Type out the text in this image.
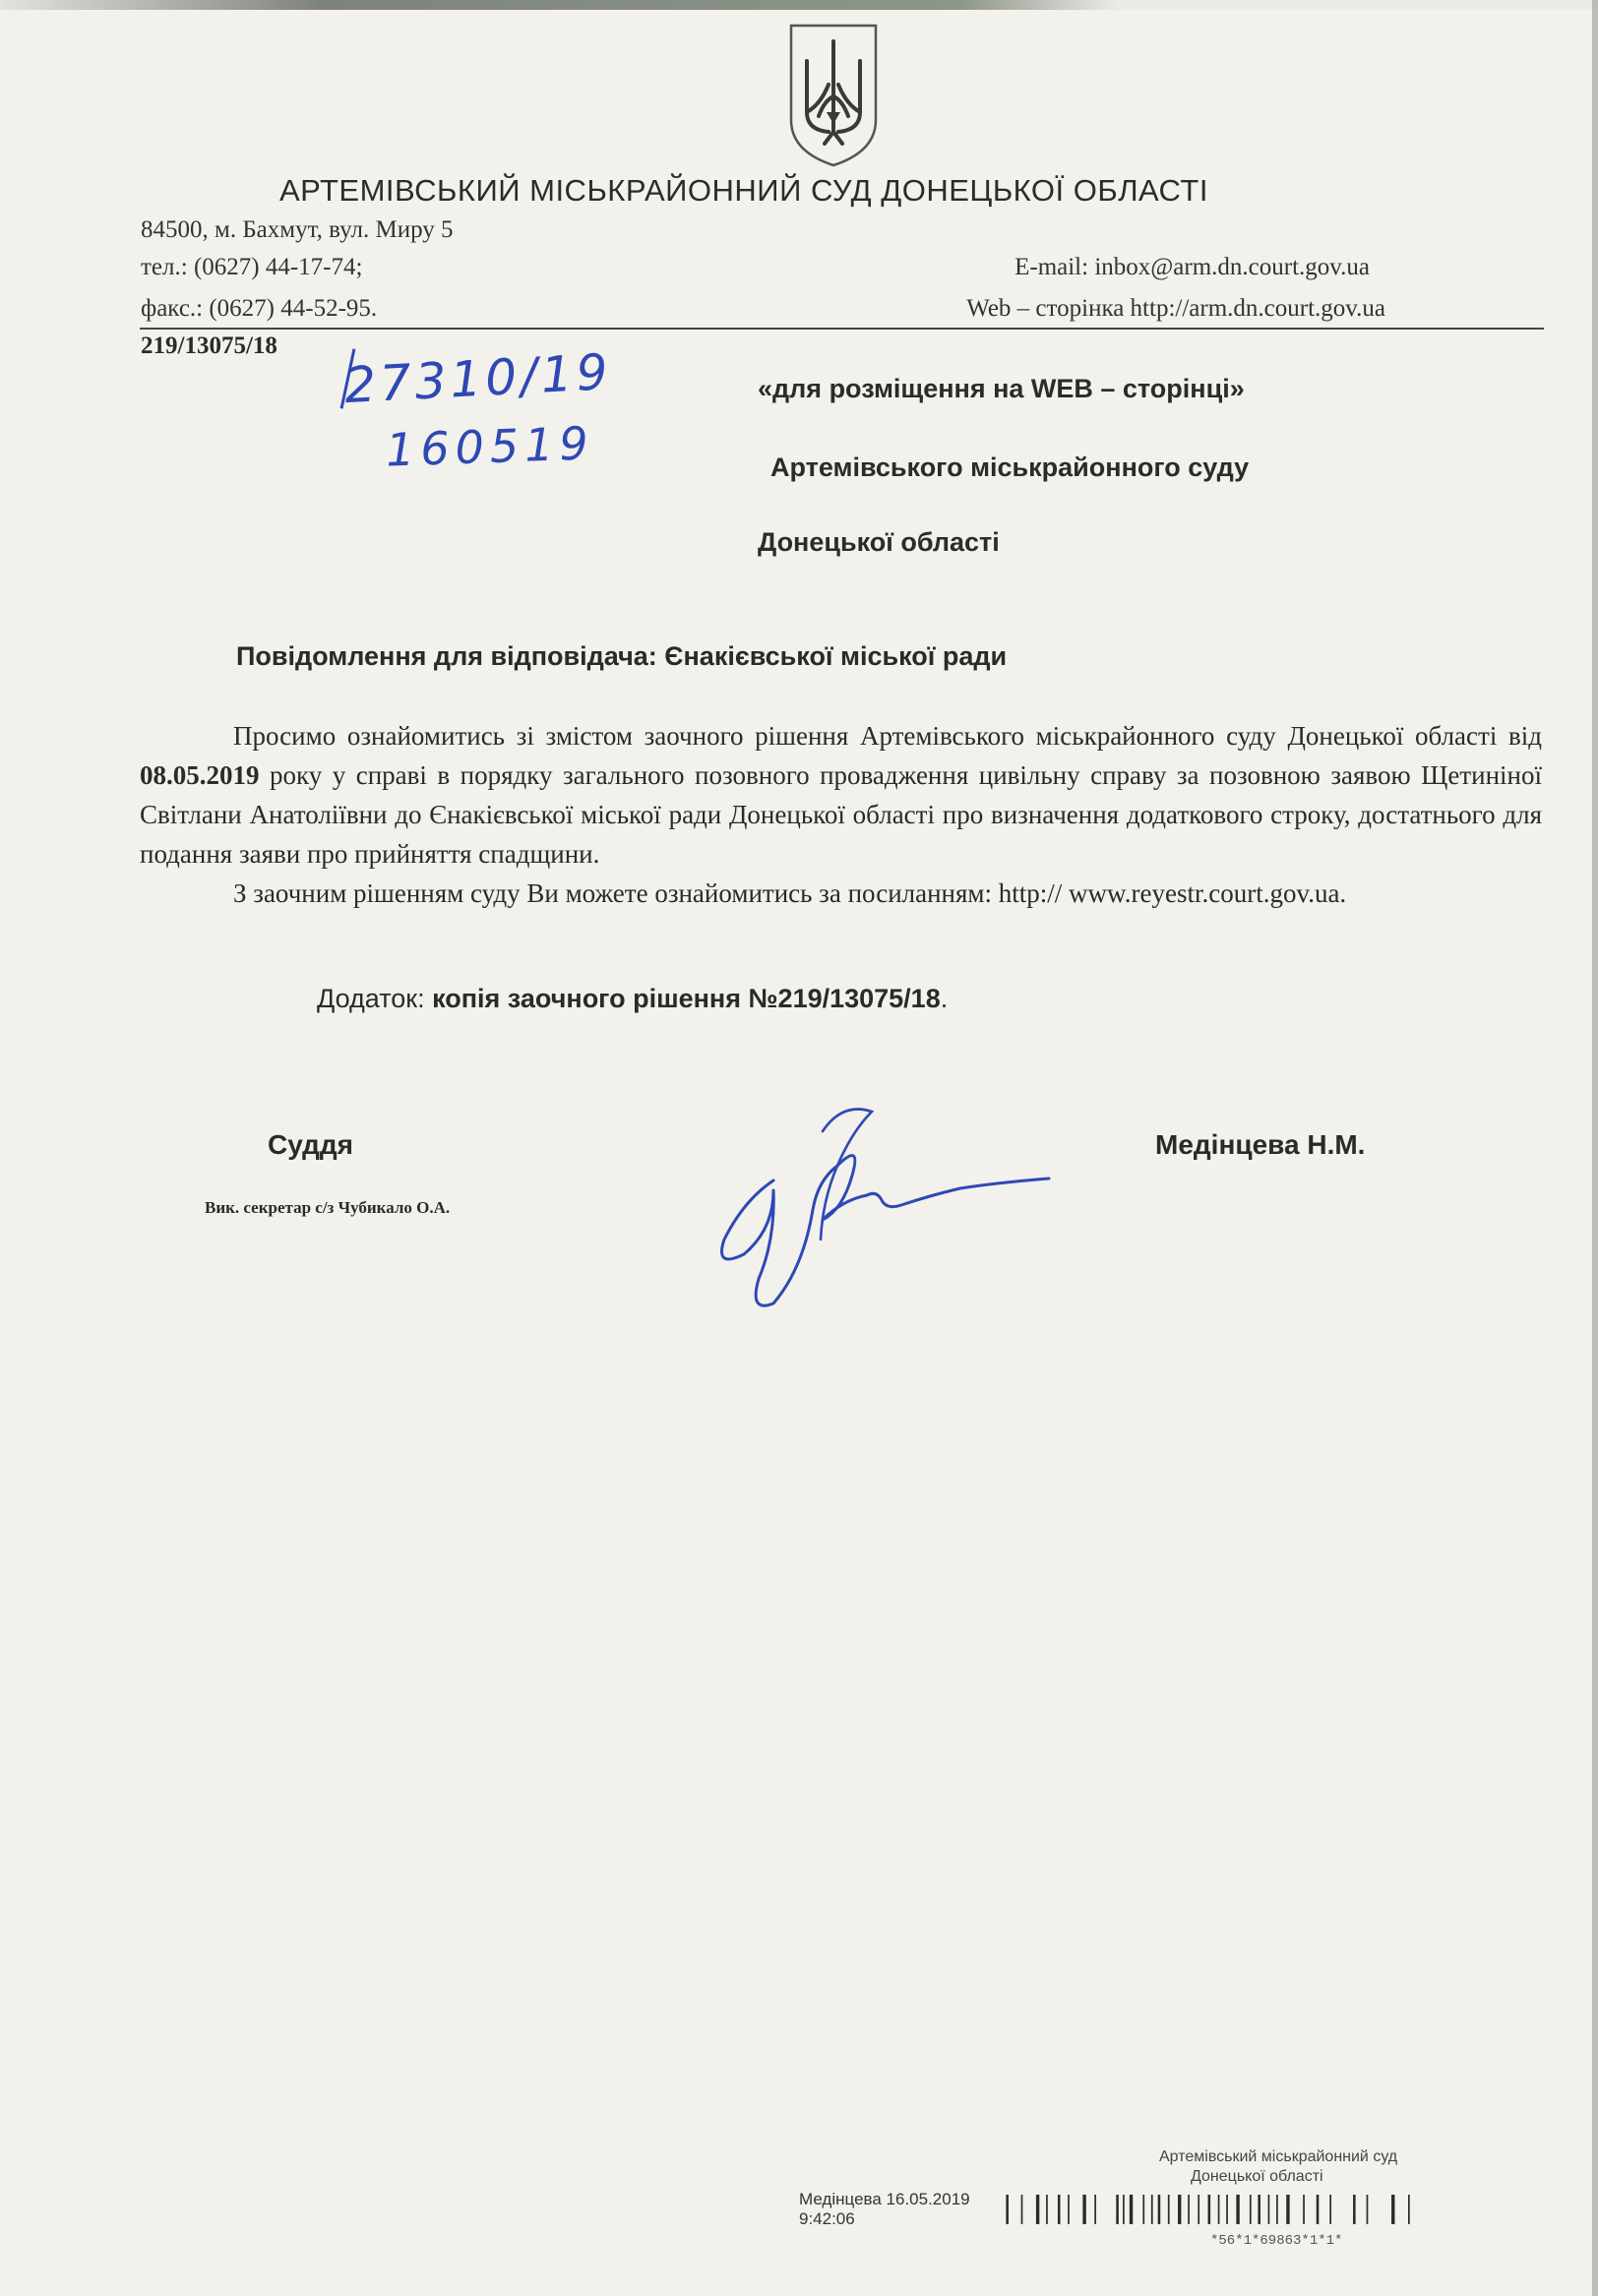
АРТЕМІВСЬКИЙ МІСЬКРАЙОННИЙ СУД ДОНЕЦЬКОЇ ОБЛАСТІ
84500, м. Бахмут, вул. Миру 5
тел.: (0627) 44-17-74;
факс.: (0627) 44-52-95.
E-mail: inbox@arm.dn.court.gov.ua
Web – сторінка http://arm.dn.court.gov.ua
219/13075/18 27310/19
160519
«для розміщення на WEB – сторінці»
Артемівського міськрайонного суду
Донецької області
Повідомлення для відповідача: Єнакієвської міської ради
Просимо ознайомитись зі змістом заочного рішення Артемівського міськрайонного суду Донецької області від 08.05.2019 року у справі в порядку загального позовного провадження цивільну справу за позовною заявою Щетиніної Світлани Анатоліївни до Єнакієвської міської ради Донецької області про визначення додаткового строку, достатнього для подання заяви про прийняття спадщини.
З заочним рішенням суду Ви можете ознайомитись за посиланням: http:// www.reyestr.court.gov.ua.
Додаток: копія заочного рішення №219/13075/18.
Суддя	Медінцева Н.М.
Вик. секретар с/з Чубикало О.А.
Артемівський міськрайонний суд
Донецької області
Медінцева 16.05.2019 9:42:06
*56*1*69863*1*1*
